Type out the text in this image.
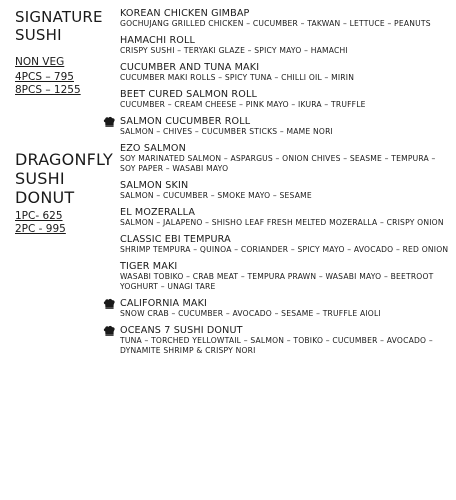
SIGNATURE
SUSHI

NON VEG

4PCS – 795

8PCS – 1255

DRAGONFLY
SUSHI
DONUT

1PC- 625

2PC - 995

KOREAN CHICKEN GIMBAP
GOCHUJANG GRILLED CHICKEN – CUCUMBER – TAKWAN – LETTUCE – PEANUTS
HAMACHI ROLL
CRISPY SUSHI – TERYAKI GLAZE – SPICY MAYO – HAMACHI
CUCUMBER AND TUNA MAKI
CUCUMBER MAKI ROLLS – SPICY TUNA – CHILLI OIL – MIRIN
BEET CURED SALMON ROLL
CUCUMBER – CREAM CHEESE – PINK MAYO – IKURA – TRUFFLE
SALMON CUCUMBER ROLL
SALMON – CHIVES – CUCUMBER STICKS – MAME NORI
EZO SALMON
SOY MARINATED SALMON – ASPARGUS – ONION CHIVES – SEASME – TEMPURA – SOY PAPER – WASABI MAYO
SALMON SKIN
SALMON – CUCUMBER – SMOKE MAYO – SESAME
EL MOZERALLA
SALMON – JALAPENO – SHISHO LEAF FRESH MELTED MOZERALLA – CRISPY ONION
CLASSIC EBI TEMPURA
SHRIMP TEMPURA – QUINOA – CORIANDER – SPICY MAYO – AVOCADO – RED ONION
TIGER MAKI
WASABI TOBIKO – CRAB MEAT – TEMPURA PRAWN – WASABI MAYO – BEETROOT YOGHURT – UNAGI TARE
CALIFORNIA MAKI
SNOW CRAB – CUCUMBER – AVOCADO – SESAME – TRUFFLE AIOLI
OCEANS 7 SUSHI DONUT
TUNA – TORCHED YELLOWTAIL – SALMON – TOBIKO – CUCUMBER – AVOCADO – DYNAMITE SHRIMP & CRISPY NORI
